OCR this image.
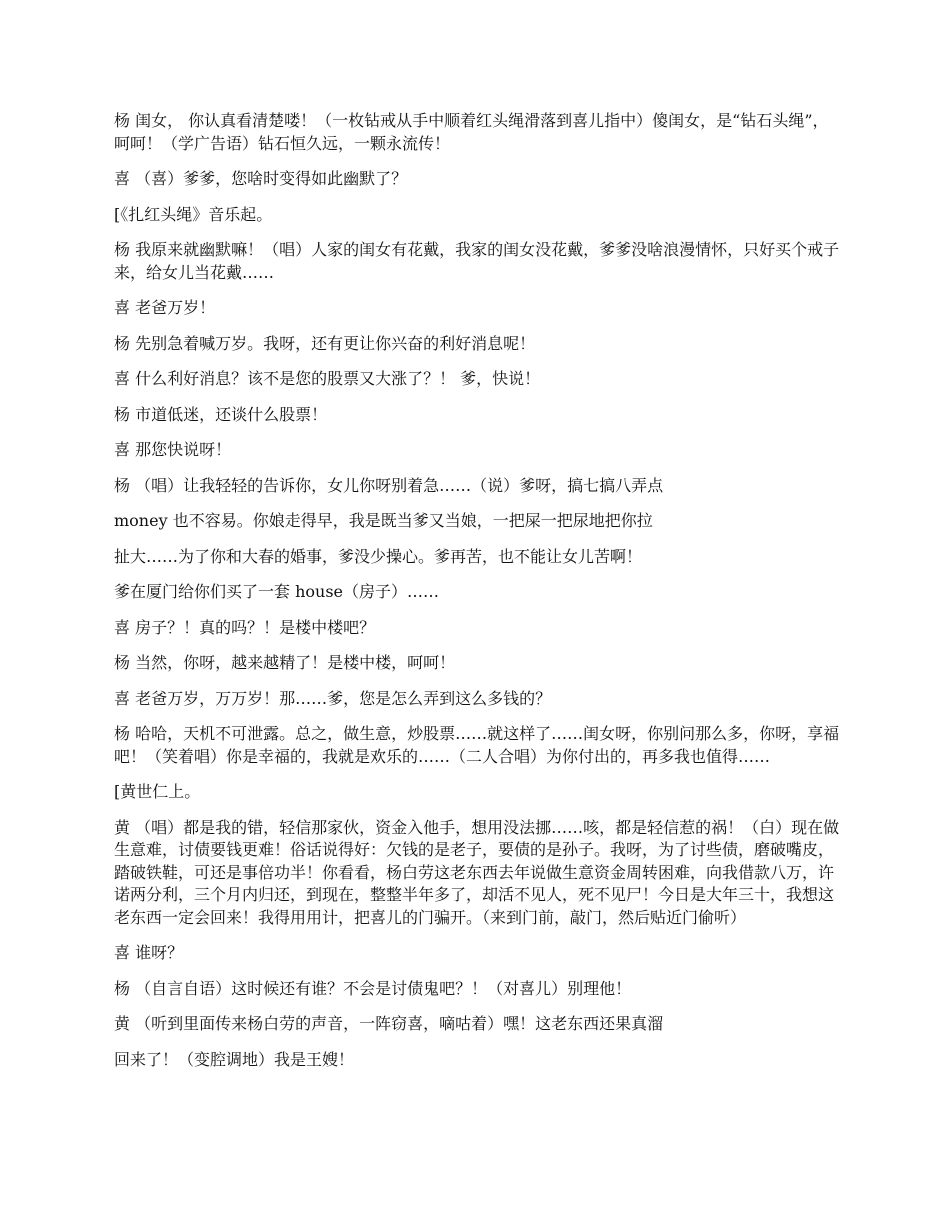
杨 闺女， 你认真看清楚喽！（一枚钻戒从手中顺着红头绳滑落到喜儿指中）傻闺女，是“钻石头绳”，呵呵！（学广告语）钻石恒久远，一颗永流传！

喜 （喜）爹爹，您啥时变得如此幽默了？

[《扎红头绳》音乐起。

杨 我原来就幽默嘛！（唱）人家的闺女有花戴，我家的闺女没花戴，爹爹没啥浪漫情怀，只好买个戒子来，给女儿当花戴……

喜 老爸万岁！

杨 先别急着喊万岁。我呀，还有更让你兴奋的利好消息呢！

喜 什么利好消息？该不是您的股票又大涨了？！ 爹，快说！

杨 市道低迷，还谈什么股票！

喜 那您快说呀！

杨 （唱）让我轻轻的告诉你，女儿你呀别着急……（说）爹呀，搞七搞八弄点

money 也不容易。你娘走得早，我是既当爹又当娘，一把屎一把尿地把你拉

扯大……为了你和大春的婚事，爹没少操心。爹再苦，也不能让女儿苦啊！

爹在厦门给你们买了一套 house（房子）……

喜 房子？！真的吗？！是楼中楼吧？

杨 当然，你呀，越来越精了！是楼中楼，呵呵！

喜 老爸万岁，万万岁！那……爹，您是怎么弄到这么多钱的？

杨 哈哈，天机不可泄露。总之，做生意，炒股票……就这样了……闺女呀，你别问那么多，你呀，享福吧！（笑着唱）你是幸福的，我就是欢乐的……（二人合唱）为你付出的，再多我也值得……

[黄世仁上。

黄 （唱）都是我的错，轻信那家伙，资金入他手，想用没法挪……咳，都是轻信惹的祸！（白）现在做生意难，讨债要钱更难！俗话说得好：欠钱的是老子，要债的是孙子。我呀，为了讨些债，磨破嘴皮，踏破铁鞋，可还是事倍功半！你看看，杨白劳这老东西去年说做生意资金周转困难，向我借款八万，许诺两分利，三个月内归还，到现在，整整半年多了，却活不见人，死不见尸！今日是大年三十，我想这老东西一定会回来！我得用用计，把喜儿的门骗开。（来到门前，敲门，然后贴近门偷听）

喜 谁呀？

杨 （自言自语）这时候还有谁？不会是讨债鬼吧？！（对喜儿）别理他！

黄 （听到里面传来杨白劳的声音，一阵窃喜，嘀咕着）嘿！这老东西还果真溜

回来了！（变腔调地）我是王嫂！
